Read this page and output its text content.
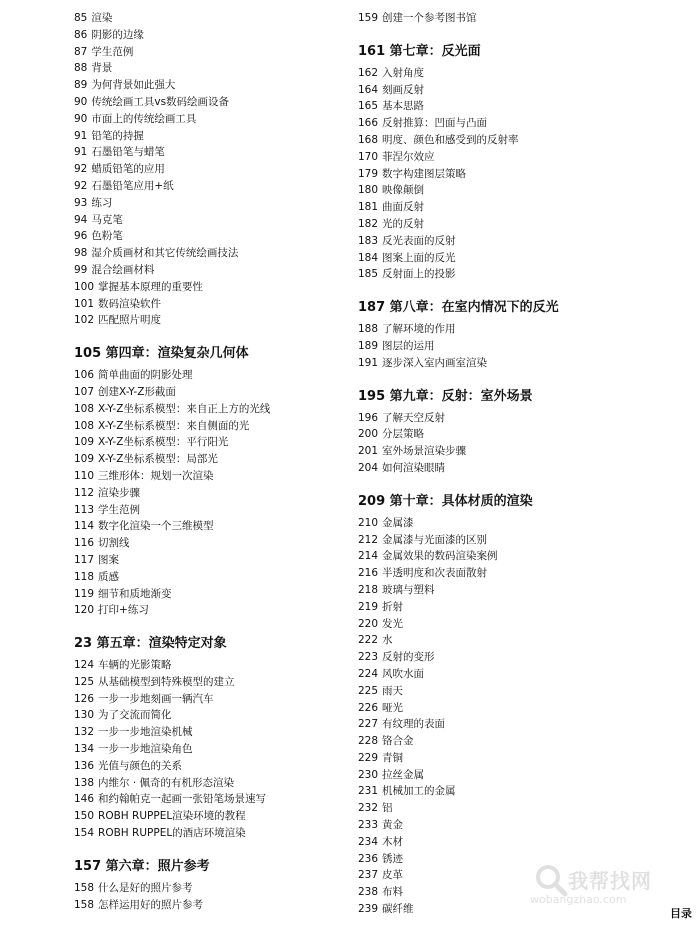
85 渲染
86 阴影的边缘
87 学生范例
88 背景
89 为何背景如此强大
90 传统绘画工具vs数码绘画设备
90 市面上的传统绘画工具
91 铅笔的持握
91 石墨铅笔与蜡笔
92 蜡质铅笔的应用
92 石墨铅笔应用+纸
93 练习
94 马克笔
96 色粉笔
98 湿介质画材和其它传统绘画技法
99 混合绘画材料
100 掌握基本原理的重要性
101 数码渲染软件
102 匹配照片明度
105 第四章：渲染复杂几何体
106 简单曲面的阴影处理
107 创建X-Y-Z形截面
108 X-Y-Z坐标系模型：来自正上方的光线
108 X-Y-Z坐标系模型：来自侧面的光
109 X-Y-Z坐标系模型：平行阳光
109 X-Y-Z坐标系模型：局部光
110 三维形体：规划一次渲染
112 渲染步骤
113 学生范例
114 数字化渲染一个三维模型
116 切割线
117 图案
118 质感
119 细节和质地渐变
120 打印+练习
23 第五章：渲染特定对象
124 车辆的光影策略
125 从基础模型到特殊模型的建立
126 一步一步地刻画一辆汽车
130 为了交流而简化
132 一步一步地渲染机械
134 一步一步地渲染角色
136 光值与颜色的关系
138 内维尔 · 佩奇的有机形态渲染
146 和约翰帕克一起画一张铅笔场景速写
150 ROBH RUPPEL渲染环境的教程
154 ROBH RUPPEL的酒店环境渲染
157 第六章：照片参考
158 什么是好的照片参考
158 怎样运用好的照片参考
159 创建一个参考图书馆
161 第七章：反光面
162 入射角度
164 刻画反射
165 基本思路
166 反射推算：凹面与凸面
168 明度、颜色和感受到的反射率
170 菲涅尔效应
179 数字构建图层策略
180 映像颠倒
181 曲面反射
182 光的反射
183 反光表面的反射
184 图案上面的反光
185 反射面上的投影
187 第八章：在室内情况下的反光
188 了解环境的作用
189 图层的运用
191 逐步深入室内画室渲染
195 第九章：反射：室外场景
196 了解天空反射
200 分层策略
201 室外场景渲染步骤
204 如何渲染眼睛
209 第十章：具体材质的渲染
210 金属漆
212 金属漆与光面漆的区别
214 金属效果的数码渲染案例
216 半透明度和次表面散射
218 玻璃与塑料
219 折射
220 发光
222 水
223 反射的变形
224 风吹水面
225 雨天
226 哑光
227 有纹理的表面
228 铬合金
229 青铜
230 拉丝金属
231 机械加工的金属
232 铝
233 黄金
234 木材
236 锈迹
237 皮革
238 布料
239 碳纤维
我帮找网
wobangzhao.com
目录
